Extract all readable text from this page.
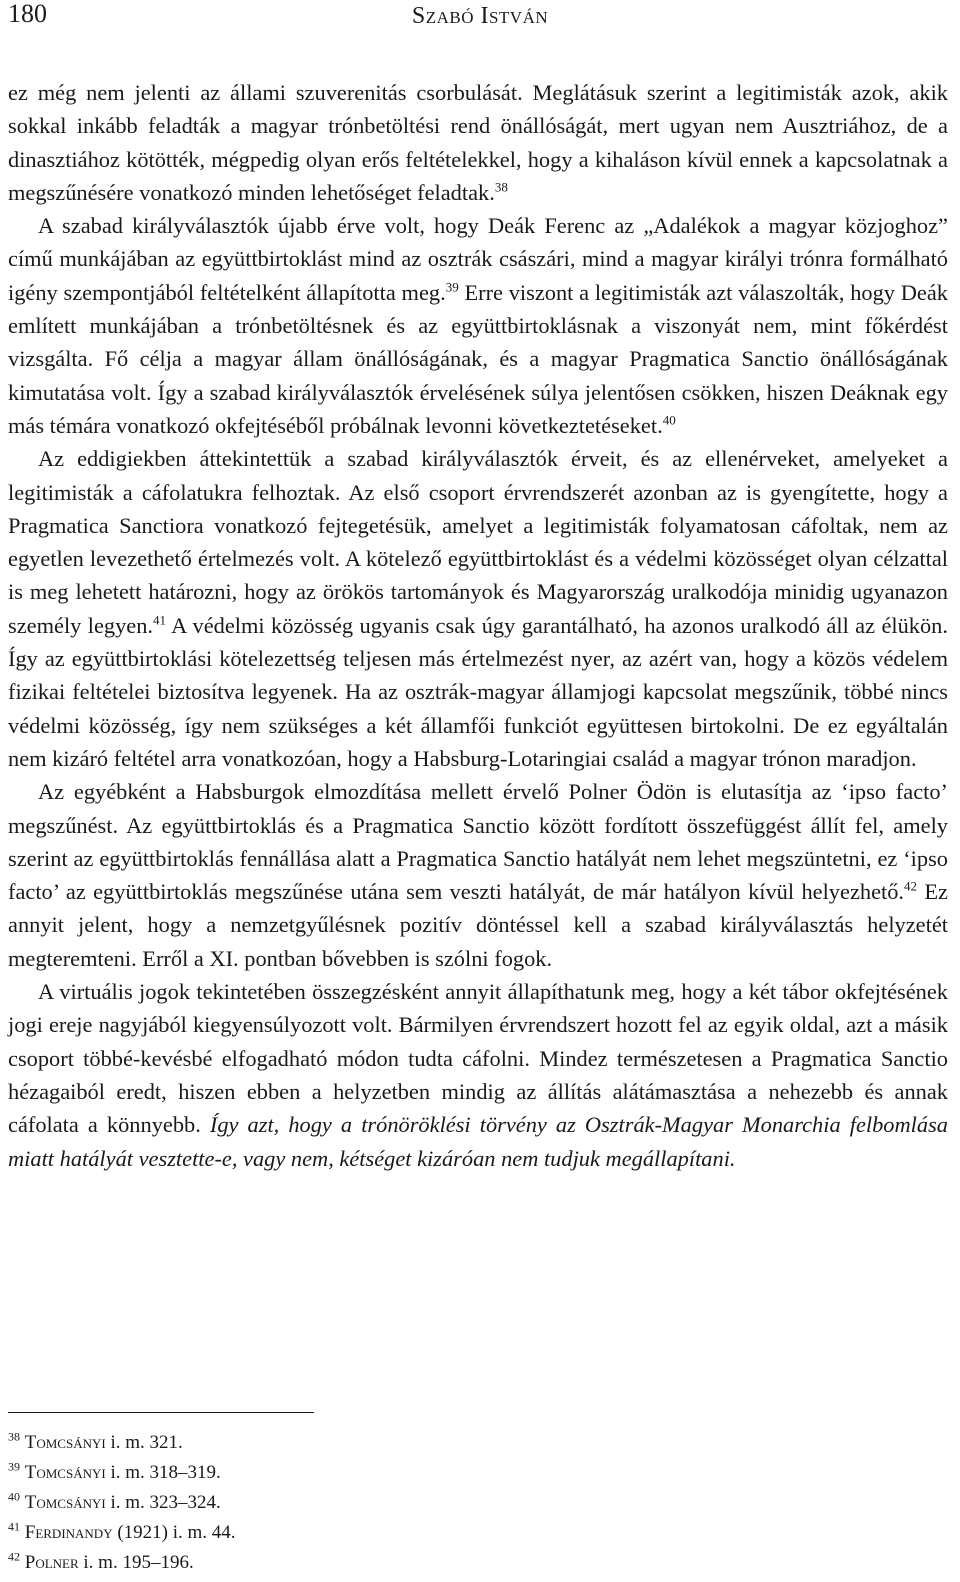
180	Szabó István

ez még nem jelenti az állami szuverenitás csorbulását. Meglátásuk szerint a legitimisták azok, akik sokkal inkább feladták a magyar trónbetöltési rend önállóságát, mert ugyan nem Ausztriához, de a dinasztiához kötötték, mégpedig olyan erős feltételekkel, hogy a kihaláson kívül ennek a kapcsolatnak a megszűnésére vonatkozó minden lehetőséget feladtak.$^{38}$

A szabad királyválasztók újabb érve volt, hogy Deák Ferenc az „Adalékok a magyar közjoghoz” című munkájában az együttbirtoklást mind az osztrák császári, mind a magyar királyi trónra formálható igény szempontjából feltételként állapította meg.$^{39}$ Erre viszont a legitimisták azt válaszolták, hogy Deák említett munkájában a trónbetöltésnek és az együttbirtoklásnak a viszonyát nem, mint főkérdést vizsgálta. Fő célja a magyar állam önállóságának, és a magyar Pragmatica Sanctio önállóságának kimutatása volt. Így a szabad királyválasztók érvelésének súlya jelentősen csökken, hiszen Deáknak egy más témára vonatkozó okfejtéséből próbálnak levonni következtetéseket.$^{40}$

Az eddigiekben áttekintettük a szabad királyválasztók érveit, és az ellenérveket, amelyeket a legitimisták a cáfolatukra felhoztak. Az első csoport érvrendszerét azonban az is gyengítette, hogy a Pragmatica Sanctiora vonatkozó fejtegetésük, amelyet a legitimisták folyamatosan cáfoltak, nem az egyetlen levezethető értelmezés volt. A kötelező együttbirtoklást és a védelmi közösséget olyan célzattal is meg lehetett határozni, hogy az örökös tartományok és Magyarország uralkodója minidig ugyanazon személy legyen.$^{41}$ A védelmi közösség ugyanis csak úgy garantálható, ha azonos uralkodó áll az élükön. Így az együttbirtoklási kötelezettség teljesen más értelmezést nyer, az azért van, hogy a közös védelem fizikai feltételei biztosítva legyenek. Ha az osztrák-magyar államjogi kapcsolat megszűnik, többé nincs védelmi közösség, így nem szükséges a két államfői funkciót együttesen birtokolni. De ez egyáltalán nem kizáró feltétel arra vonatkozóan, hogy a Habsburg-Lotaringiai család a magyar trónon maradjon.

Az egyébként a Habsburgok elmozdítása mellett érvelő Polner Ödön is elutasítja az ‘ipso facto’ megszűnést. Az együttbirtoklás és a Pragmatica Sanctio között fordított összefüggést állít fel, amely szerint az együttbirtoklás fennállása alatt a Pragmatica Sanctio hatályát nem lehet megszüntetni, ez ‘ipso facto’ az együttbirtoklás megszűnése utána sem veszti hatályát, de már hatályon kívül helyezhető.$^{42}$ Ez annyit jelent, hogy a nemzetgyűlésnek pozitív döntéssel kell a szabad királyválasztás helyzetét megteremteni. Erről a XI. pontban bővebben is szólni fogok.

A virtuális jogok tekintetében összegzésként annyit állapíthatunk meg, hogy a két tábor okfejtésének jogi ereje nagyjából kiegyensúlyozott volt. Bármilyen érvrendszert hozott fel az egyik oldal, azt a másik csoport többé-kevésbé elfogadható módon tudta cáfolni. Mindez természetesen a Pragmatica Sanctio hézagaiból eredt, hiszen ebben a helyzetben mindig az állítás alátámasztása a nehezebb és annak cáfolata a könnyebb. Így azt, hogy a trónöröklési törvény az Osztrák-Magyar Monarchia felbomlása miatt hatályát vesztette-e, vagy nem, kétséget kizáróan nem tudjuk megállapítani.

$^{38}$ Tomcsányi i. m. 321.
$^{39}$ Tomcsányi i. m. 318–319.
$^{40}$ Tomcsányi i. m. 323–324.
$^{41}$ Ferdinandy (1921) i. m. 44.
$^{42}$ Polner i. m. 195–196.
